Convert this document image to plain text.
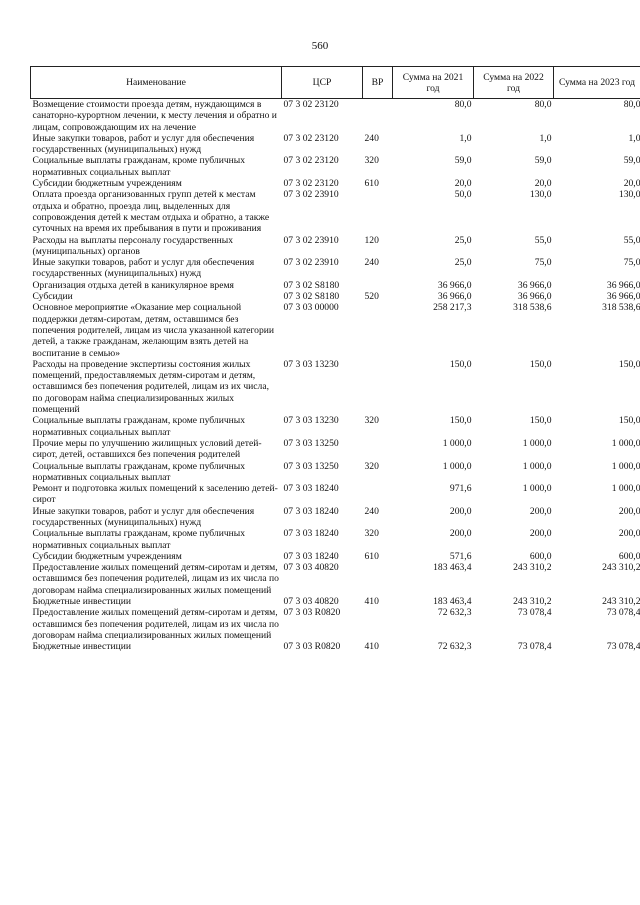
560
Наименование	ЦСР	ВР	Сумма на 2021 год	Сумма на 2022 год	Сумма на 2023 год
Возмещение стоимости проезда детям, нуждающимся в санаторно-курортном лечении, к месту лечения и обратно и лицам, сопровождающим их на лечение	07 3 02 23120		80,0	80,0	80,0
Иные закупки товаров, работ и услуг для обеспечения государственных (муниципальных) нужд	07 3 02 23120	240	1,0	1,0	1,0
Социальные выплаты гражданам, кроме публичных нормативных социальных выплат	07 3 02 23120	320	59,0	59,0	59,0
Субсидии бюджетным учреждениям	07 3 02 23120	610	20,0	20,0	20,0
Оплата проезда организованных групп детей к местам отдыха и обратно, проезда лиц, выделенных для сопровождения детей к местам отдыха и обратно, а также суточных на время их пребывания в пути и проживания	07 3 02 23910		50,0	130,0	130,0
Расходы на выплаты персоналу государственных (муниципальных) органов	07 3 02 23910	120	25,0	55,0	55,0
Иные закупки товаров, работ и услуг для обеспечения государственных (муниципальных) нужд	07 3 02 23910	240	25,0	75,0	75,0
Организация отдыха детей в каникулярное время	07 3 02 S8180		36 966,0	36 966,0	36 966,0
Субсидии	07 3 02 S8180	520	36 966,0	36 966,0	36 966,0
Основное мероприятие «Оказание мер социальной поддержки детям-сиротам, детям, оставшимся без попечения родителей, лицам из числа указанной категории детей, а также гражданам, желающим взять детей на воспитание в семью»	07 3 03 00000		258 217,3	318 538,6	318 538,6
Расходы на проведение экспертизы состояния жилых помещений, предоставляемых детям-сиротам и детям, оставшимся без попечения родителей, лицам из их числа, по договорам найма специализированных жилых помещений	07 3 03 13230		150,0	150,0	150,0
Социальные выплаты гражданам, кроме публичных нормативных социальных выплат	07 3 03 13230	320	150,0	150,0	150,0
Прочие меры по улучшению жилищных условий детей-сирот, детей, оставшихся без попечения родителей	07 3 03 13250		1 000,0	1 000,0	1 000,0
Социальные выплаты гражданам, кроме публичных нормативных социальных выплат	07 3 03 13250	320	1 000,0	1 000,0	1 000,0
Ремонт и подготовка жилых помещений к заселению детей-сирот	07 3 03 18240		971,6	1 000,0	1 000,0
Иные закупки товаров, работ и услуг для обеспечения государственных (муниципальных) нужд	07 3 03 18240	240	200,0	200,0	200,0
Социальные выплаты гражданам, кроме публичных нормативных социальных выплат	07 3 03 18240	320	200,0	200,0	200,0
Субсидии бюджетным учреждениям	07 3 03 18240	610	571,6	600,0	600,0
Предоставление жилых помещений детям-сиротам и детям, оставшимся без попечения родителей, лицам из их числа по договорам найма специализированных жилых помещений	07 3 03 40820		183 463,4	243 310,2	243 310,2
Бюджетные инвестиции	07 3 03 40820	410	183 463,4	243 310,2	243 310,2
Предоставление жилых помещений детям-сиротам и детям, оставшимся без попечения родителей, лицам из их числа по договорам найма специализированных жилых помещений	07 3 03 R0820		72 632,3	73 078,4	73 078,4
Бюджетные инвестиции	07 3 03 R0820	410	72 632,3	73 078,4	73 078,4
